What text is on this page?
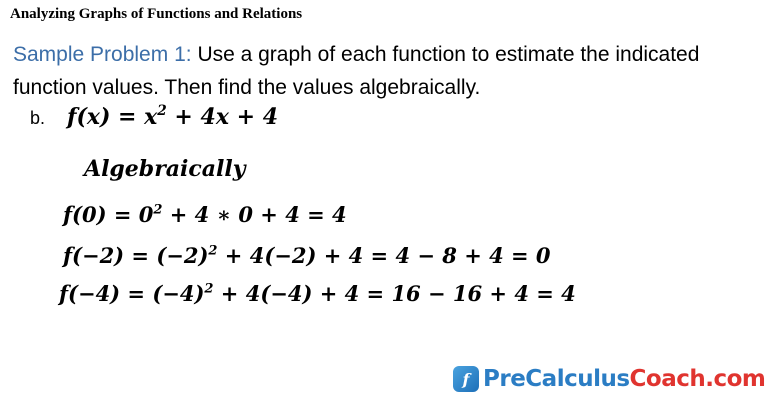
Analyzing Graphs of Functions and Relations
Sample Problem 1: Use a graph of each function to estimate the indicated function values. Then find the values algebraically.
b. $f(x) = x^2 + 4x + 4$
Algebraically
$f(0) = 0^2 + 4$ ∗ 0 + 4 = 4
$f(-2) = (-2)^2 + 4(-2) + 4 = 4 - 8 + 4 = 0$
$f(-4) = (-4)^2 + 4(-4) + 4 = 16 - 16 + 4 = 4$
f PreCalculusCoach.com
